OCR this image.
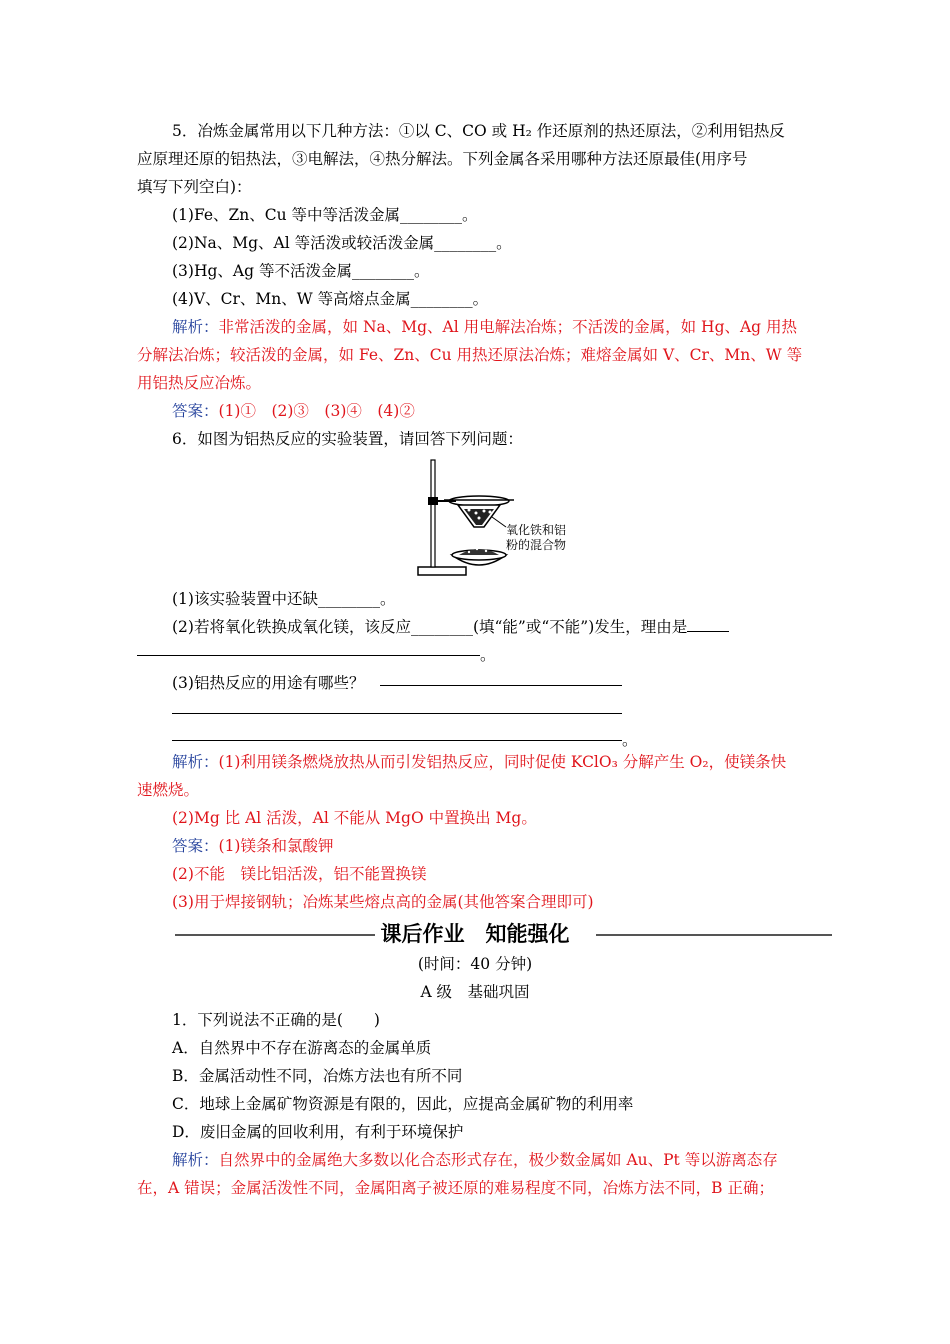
5．冶炼金属常用以下几种方法：①以 C、CO 或 H₂ 作还原剂的热还原法，②利用铝热反
应原理还原的铝热法，③电解法，④热分解法。下列金属各采用哪种方法还原最佳(用序号
填写下列空白)：
(1)Fe、Zn、Cu 等中等活泼金属________。
(2)Na、Mg、Al 等活泼或较活泼金属________。
(3)Hg、Ag 等不活泼金属________。
(4)V、Cr、Mn、W 等高熔点金属________。
解析：非常活泼的金属，如 Na、Mg、Al 用电解法冶炼；不活泼的金属，如 Hg、Ag 用热
分解法冶炼；较活泼的金属，如 Fe、Zn、Cu 用热还原法冶炼；难熔金属如 V、Cr、Mn、W 等
用铝热反应冶炼。
答案：(1)①　(2)③　(3)④　(4)②
6．如图为铝热反应的实验装置，请回答下列问题：
氧化铁和铝
粉的混合物
(1)该实验装置中还缺________。
(2)若将氧化铁换成氧化镁，该反应________(填“能”或“不能”)发生，理由是
。
(3)铝热反应的用途有哪些？
。
解析：(1)利用镁条燃烧放热从而引发铝热反应，同时促使 KClO₃ 分解产生 O₂，使镁条快
速燃烧。
(2)Mg 比 Al 活泼，Al 不能从 MgO 中置换出 Mg。
答案：(1)镁条和氯酸钾
(2)不能　镁比铝活泼，铝不能置换镁
(3)用于焊接钢轨；冶炼某些熔点高的金属(其他答案合理即可)
课后作业　知能强化
(时间：40 分钟)
A 级　基础巩固
1．下列说法不正确的是(　　)
A．自然界中不存在游离态的金属单质
B．金属活动性不同，冶炼方法也有所不同
C．地球上金属矿物资源是有限的，因此，应提高金属矿物的利用率
D．废旧金属的回收利用，有利于环境保护
解析：自然界中的金属绝大多数以化合态形式存在，极少数金属如 Au、Pt 等以游离态存
在，A 错误；金属活泼性不同，金属阳离子被还原的难易程度不同，冶炼方法不同，B 正确；
